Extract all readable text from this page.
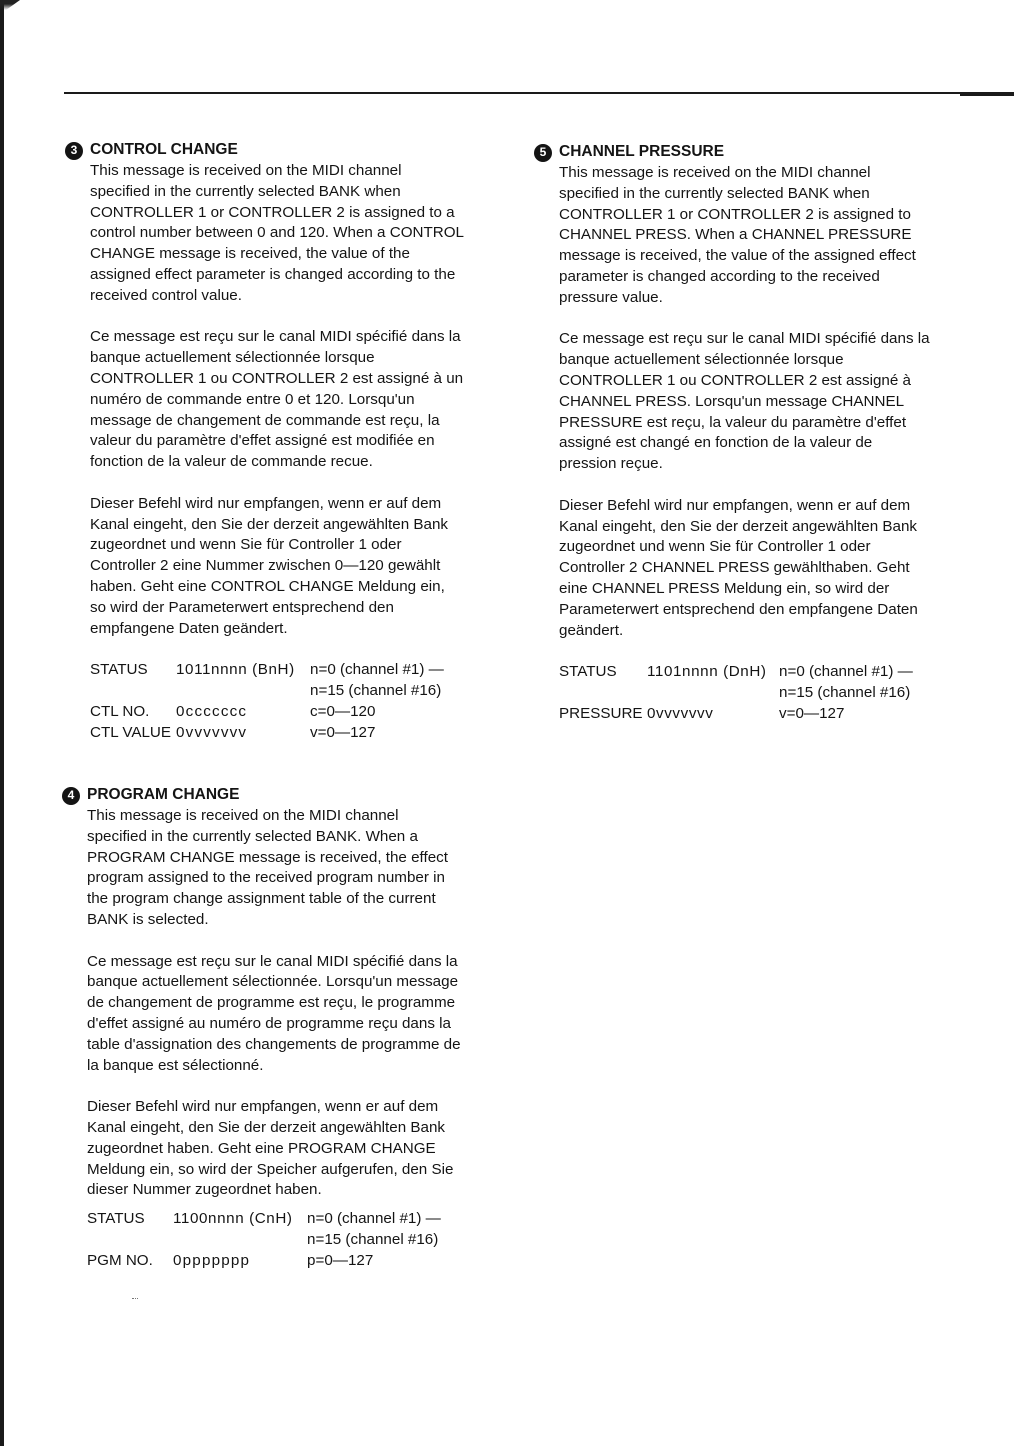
3 CONTROL CHANGE

This message is received on the MIDI channel
specified in the currently selected BANK when
CONTROLLER 1 or CONTROLLER 2 is assigned to a
control number between 0 and 120. When a CONTROL
CHANGE message is received, the value of the
assigned effect parameter is changed according to the
received control value.

Ce message est reçu sur le canal MIDI spécifié dans la
banque actuellement sélectionnée lorsque
CONTROLLER 1 ou CONTROLLER 2 est assigné à un
numéro de commande entre 0 et 120. Lorsqu'un
message de changement de commande est reçu, la
valeur du paramètre d'effet assigné est modifiée en
fonction de la valeur de commande recue.

Dieser Befehl wird nur empfangen, wenn er auf dem
Kanal eingeht, den Sie der derzeit angewählten Bank
zugeordnet und wenn Sie für Controller 1 oder
Controller 2 eine Nummer zwischen 0—120 gewählt
haben. Geht eine CONTROL CHANGE Meldung ein,
so wird der Parameterwert entsprechend den
empfangene Daten geändert.

STATUS 1011nnnn (BnH) n=0 (channel #1) —
n=15 (channel #16)
CTL NO. 0ccccccc	c=0—120
CTL VALUE 0vvvvvvv	v=0—127
4 PROGRAM CHANGE

This message is received on the MIDI channel
specified in the currently selected BANK. When a
PROGRAM CHANGE message is received, the effect
program assigned to the received program number in
the program change assignment table of the current
BANK is selected.

Ce message est reçu sur le canal MIDI spécifié dans la
banque actuellement sélectionnée. Lorsqu'un message
de changement de programme est reçu, le programme
d'effet assigné au numéro de programme reçu dans la
table d'assignation des changements de programme de
la banque est sélectionné.

Dieser Befehl wird nur empfangen, wenn er auf dem
Kanal eingeht, den Sie der derzeit angewählten Bank
zugeordnet haben. Geht eine PROGRAM CHANGE
Meldung ein, so wird der Speicher aufgerufen, den Sie
dieser Nummer zugeordnet haben.

STATUS 1100nnnn (CnH) n=0 (channel #1) —
n=15 (channel #16)
PGM NO. 0ppppppp	p=0—127
5 CHANNEL PRESSURE

This message is received on the MIDI channel
specified in the currently selected BANK when
CONTROLLER 1 or CONTROLLER 2 is assigned to
CHANNEL PRESS. When a CHANNEL PRESSURE
message is received, the value of the assigned effect
parameter is changed according to the received
pressure value.

Ce message est reçu sur le canal MIDI spécifié dans la
banque actuellement sélectionnée lorsque
CONTROLLER 1 ou CONTROLLER 2 est assigné à
CHANNEL PRESS. Lorsqu'un message CHANNEL
PRESSURE est reçu, la valeur du paramètre d'effet
assigné est changé en fonction de la valeur de
pression reçue.

Dieser Befehl wird nur empfangen, wenn er auf dem
Kanal eingeht, den Sie der derzeit angewählten Bank
zugeordnet und wenn Sie für Controller 1 oder
Controller 2 CHANNEL PRESS gewählthaben. Geht
eine CHANNEL PRESS Meldung ein, so wird der
Parameterwert entsprechend den empfangene Daten
geändert.

STATUS 1101nnnn (DnH) n=0 (channel #1) —
n=15 (channel #16)
PRESSURE 0vvvvvvv	v=0—127
